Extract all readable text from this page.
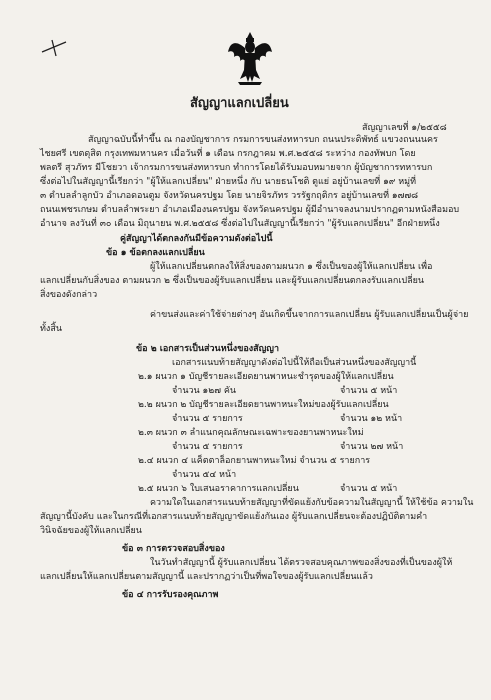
สัญญาแลกเปลี่ยน
สัญญาเลขที่ ๑/๒๕๕๘
สัญญาฉบับนี้ทำขึ้น ณ กองบัญชาการ กรมการขนส่งทหารบก ถนนประดิพัทธ์ แขวงถนนนคร
ไชยศรี เขตดุสิต กรุงเทพมหานคร เมื่อวันที่ ๑ เดือน กรกฎาคม พ.ศ.๒๕๕๘ ระหว่าง กองทัพบก โดย
พลตรี สุวภัทร มีโชยวา เจ้ากรมการขนส่งทหารบก ทำการโดยได้รับมอบหมายจาก ผู้บัญชาการทหารบก
ซึ่งต่อไปในสัญญานี้เรียกว่า "ผู้ให้แลกเปลี่ยน" ฝ่ายหนึ่ง กับ นายธนโชติ ตูแย่ อยู่บ้านเลขที่ ๑๙ หมู่ที่
๓ ตำบลลำลูกบัว อำเภอดอนตูม จังหวัดนครปฐม โดย นายจิรภัทร วรรัฐกฤติกร อยู่บ้านเลขที่ ๑๗๗๘
ถนนเพชรเกษม ตำบลลำพระยา อำเภอเมืองนครปฐม จังหวัดนครปฐม ผู้มีอำนาจลงนามปรากฏตามหนังสือมอบ
อำนาจ ลงวันที่ ๓๐ เดือน มิถุนายน พ.ศ.๒๕๕๘ ซึ่งต่อไปในสัญญานี้เรียกว่า "ผู้รับแลกเปลี่ยน" อีกฝ่ายหนึ่ง
คู่สัญญาได้ตกลงกันมีข้อความดังต่อไปนี้
ข้อ ๑ ข้อตกลงแลกเปลี่ยน
ผู้ให้แลกเปลี่ยนตกลงให้สิ่งของตามผนวก ๑ ซึ่งเป็นของผู้ให้แลกเปลี่ยน เพื่อ
แลกเปลี่ยนกับสิ่งของ ตามผนวก ๒ ซึ่งเป็นของผู้รับแลกเปลี่ยน และผู้รับแลกเปลี่ยนตกลงรับแลกเปลี่ยน
สิ่งของดังกล่าว
ค่าขนส่งและค่าใช้จ่ายต่างๆ อันเกิดขึ้นจากการแลกเปลี่ยน ผู้รับแลกเปลี่ยนเป็นผู้จ่าย
ทั้งสิ้น
ข้อ ๒ เอกสารเป็นส่วนหนึ่งของสัญญา
เอกสารแนบท้ายสัญญาดังต่อไปนี้ให้ถือเป็นส่วนหนึ่งของสัญญานี้
๒.๑ ผนวก ๑ บัญชีรายละเอียดยานพาหนะชำรุดของผู้ให้แลกเปลี่ยน
จำนวน ๑๒๗ คัน	จำนวน ๕ หน้า
๒.๒ ผนวก ๒ บัญชีรายละเอียดยานพาหนะใหม่ของผู้รับแลกเปลี่ยน
จำนวน ๕ รายการ	จำนวน ๑๒ หน้า
๒.๓ ผนวก ๓ ลำแนกคุณลักษณะเฉพาะของยานพาหนะใหม่
จำนวน ๕ รายการ	จำนวน ๒๗ หน้า
๒.๔ ผนวก ๔ แค็ตตาล็อกยานพาหนะใหม่ จำนวน ๕ รายการ
จำนวน ๕๔ หน้า
๒.๕ ผนวก ๖ ใบเสนอราคาการแลกเปลี่ยน	จำนวน ๕ หน้า
ความใดในเอกสารแนบท้ายสัญญาที่ขัดแย้งกับข้อความในสัญญานี้ ให้ใช้ข้อ ความใน
สัญญานี้บังคับ และในกรณีที่เอกสารแนบท้ายสัญญาขัดแย้งกันเอง ผู้รับแลกเปลี่ยนจะต้องปฏิบัติตามคำ
วินิจฉัยของผู้ให้แลกเปลี่ยน
ข้อ ๓ การตรวจสอบสิ่งของ
ในวันทำสัญญานี้ ผู้รับแลกเปลี่ยน ได้ตรวจสอบคุณภาพของสิ่งของที่เป็นของผู้ให้
แลกเปลี่ยนให้แลกเปลี่ยนตามสัญญานี้ และปรากฏว่าเป็นที่พอใจของผู้รับแลกเปลี่ยนแล้ว
ข้อ ๔ การรับรองคุณภาพ
